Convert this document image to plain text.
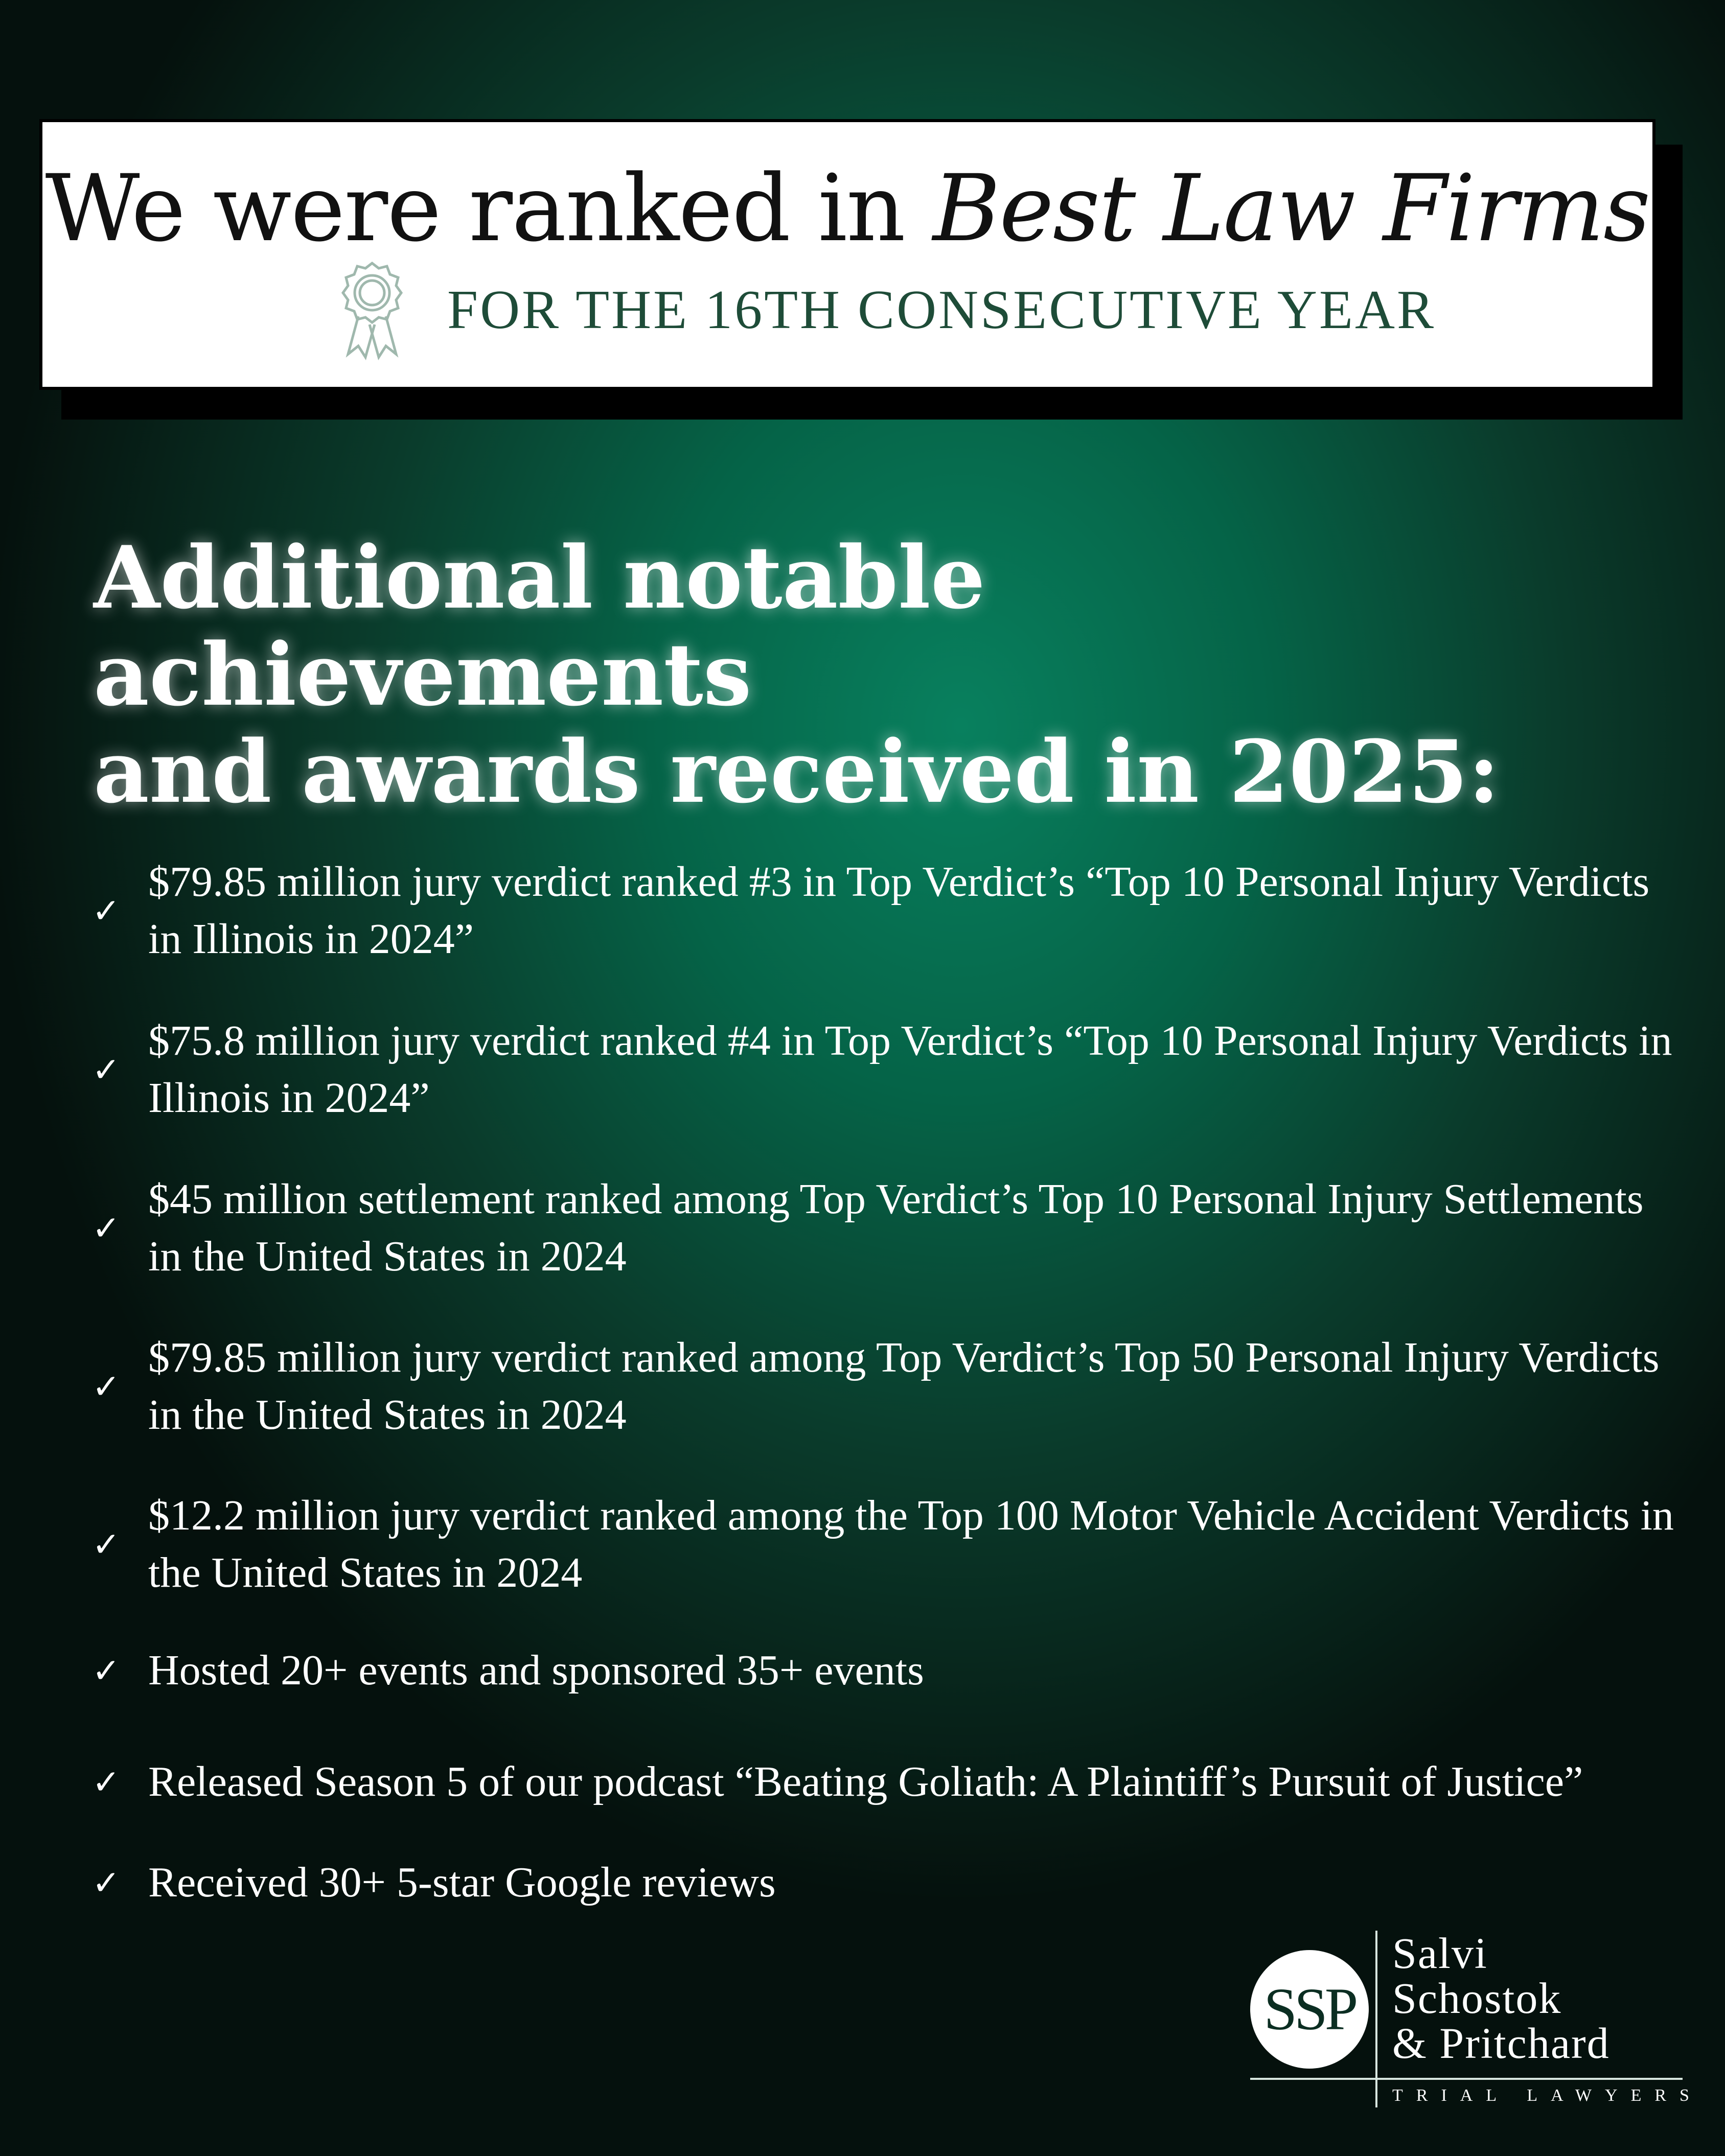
We were ranked in Best Law Firms
FOR THE 16TH CONSECUTIVE YEAR
Additional notable achievements
and awards received in 2025:
✓
$79.85 million jury verdict ranked #3 in Top Verdict’s “Top 10 Personal Injury Verdicts in Illinois in 2024”
✓
$75.8 million jury verdict ranked #4 in Top Verdict’s “Top 10 Personal Injury Verdicts in Illinois in 2024”
✓
$45 million settlement ranked among Top Verdict’s Top 10 Personal Injury Settlements in the United States in 2024
✓
$79.85 million jury verdict ranked among Top Verdict’s Top 50 Personal Injury Verdicts in the United States in 2024
✓
$12.2 million jury verdict ranked among the Top 100 Motor Vehicle Accident Verdicts in the United States in 2024
✓ Hosted 20+ events and sponsored 35+ events
✓ Released Season 5 of our podcast “Beating Goliath: A Plaintiff’s Pursuit of Justice”
✓ Received 30+ 5-star Google reviews
SSP
Salvi
Schostok
& Pritchard
TRIAL LAWYERS
